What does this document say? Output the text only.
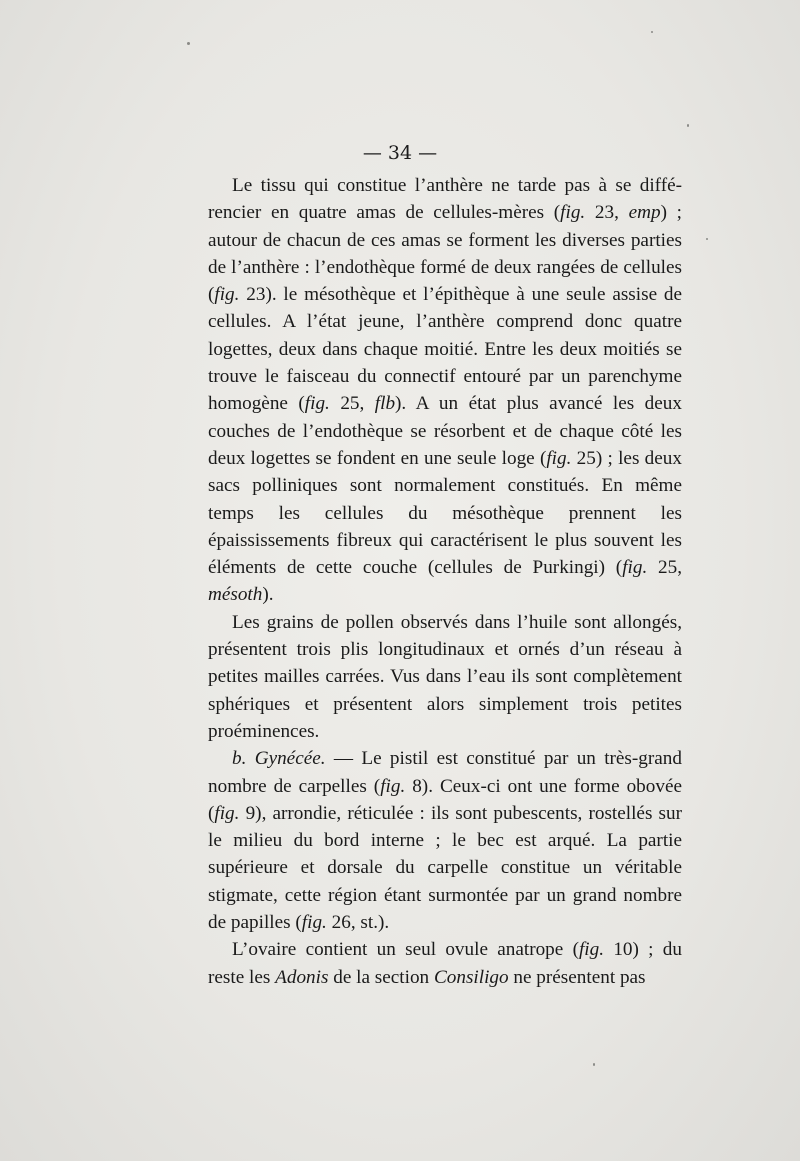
— 34 —

Le tissu qui constitue l’anthère ne tarde pas à se différencier en quatre amas de cellules-mères (fig. 23, emp) ; autour de chacun de ces amas se forment les diverses parties de l’anthère : l’endothèque formé de deux rangées de cellules (fig. 23). le mésothèque et l’épithèque à une seule assise de cellules. A l’état jeune, l’anthère comprend donc quatre logettes, deux dans chaque moitié. Entre les deux moitiés se trouve le faisceau du connectif entouré par un parenchyme homogène (fig. 25, flb). A un état plus avancé les deux couches de l’endothèque se résorbent et de chaque côté les deux logettes se fondent en une seule loge (fig. 25) ; les deux sacs polliniques sont normalement constitués. En même temps les cellules du mésothèque prennent les épaississements fibreux qui caractérisent le plus souvent les éléments de cette couche (cellules de Purkingi) (fig. 25, mésoth).

Les grains de pollen observés dans l’huile sont allongés, présentent trois plis longitudinaux et ornés d’un réseau à petites mailles carrées. Vus dans l’eau ils sont complètement sphériques et présentent alors simplement trois petites proéminences.

b. Gynécée. — Le pistil est constitué par un très-grand nombre de carpelles (fig. 8). Ceux-ci ont une forme obovée (fig. 9), arrondie, réticulée : ils sont pubescents, rostellés sur le milieu du bord interne ; le bec est arqué. La partie supérieure et dorsale du carpelle constitue un véritable stigmate, cette région étant surmontée par un grand nombre de papilles (fig. 26, st.).

L’ovaire contient un seul ovule anatrope (fig. 10) ; du reste les Adonis de la section Consiligo ne présentent pas
